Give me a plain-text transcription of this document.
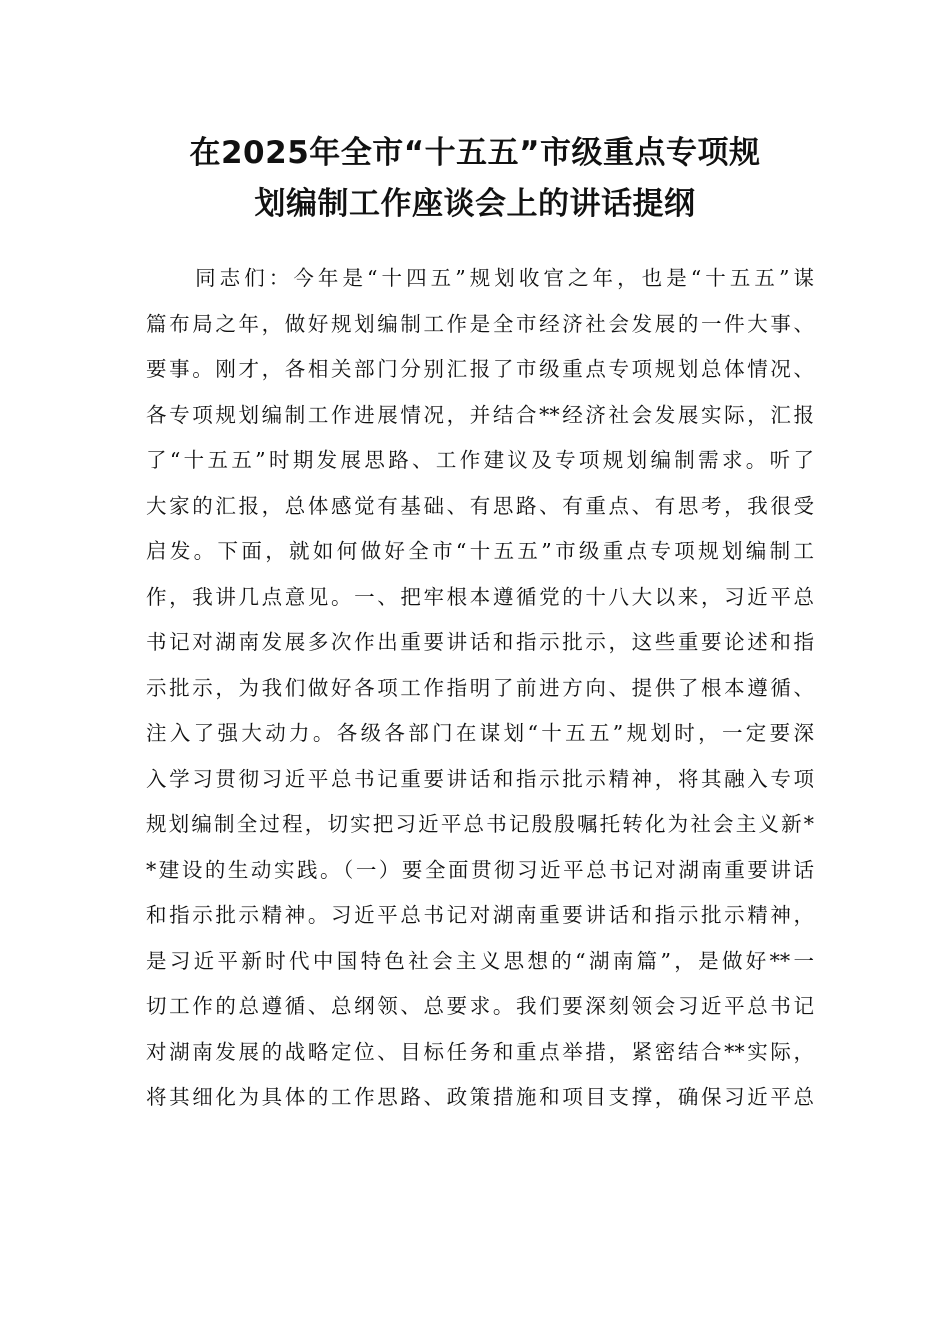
在2025年全市“十五五”市级重点专项规
划编制工作座谈会上的讲话提纲
　　同志们：今年是“十四五”规划收官之年，也是“十五五”谋
篇布局之年，做好规划编制工作是全市经济社会发展的一件大事、
要事。刚才，各相关部门分别汇报了市级重点专项规划总体情况、
各专项规划编制工作进展情况，并结合**经济社会发展实际，汇报
了“十五五”时期发展思路、工作建议及专项规划编制需求。听了
大家的汇报，总体感觉有基础、有思路、有重点、有思考，我很受
启发。下面，就如何做好全市“十五五”市级重点专项规划编制工
作，我讲几点意见。一、把牢根本遵循党的十八大以来，习近平总
书记对湖南发展多次作出重要讲话和指示批示，这些重要论述和指
示批示，为我们做好各项工作指明了前进方向、提供了根本遵循、
注入了强大动力。各级各部门在谋划“十五五”规划时，一定要深
入学习贯彻习近平总书记重要讲话和指示批示精神，将其融入专项
规划编制全过程，切实把习近平总书记殷殷嘱托转化为社会主义新*
*建设的生动实践。（一）要全面贯彻习近平总书记对湖南重要讲话
和指示批示精神。习近平总书记对湖南重要讲话和指示批示精神，
是习近平新时代中国特色社会主义思想的“湖南篇”，是做好**一
切工作的总遵循、总纲领、总要求。我们要深刻领会习近平总书记
对湖南发展的战略定位、目标任务和重点举措，紧密结合**实际，
将其细化为具体的工作思路、政策措施和项目支撑，确保习近平总
